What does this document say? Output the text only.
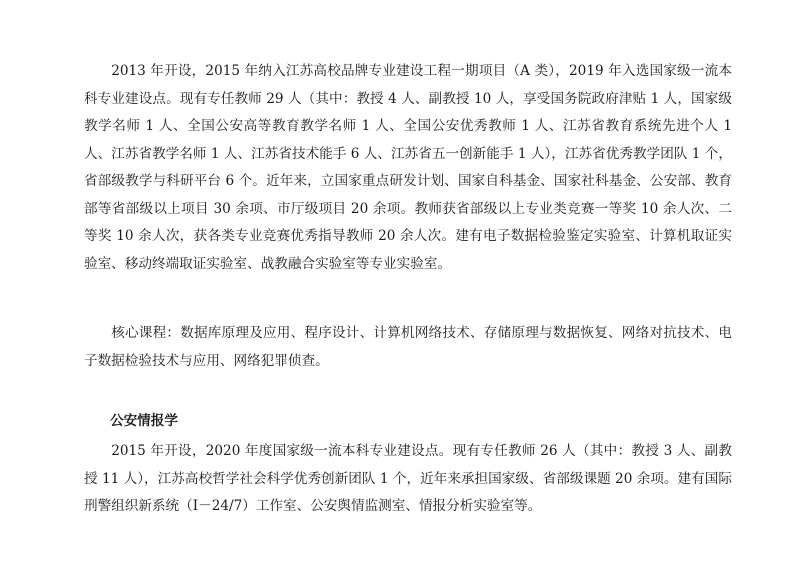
2013 年开设，2015 年纳入江苏高校品牌专业建设工程一期项目（A 类），2019 年入选国家级一流本科专业建设点。现有专任教师 29 人（其中：教授 4 人、副教授 10 人，享受国务院政府津贴 1 人，国家级教学名师 1 人、全国公安高等教育教学名师 1 人、全国公安优秀教师 1 人、江苏省教育系统先进个人 1 人、江苏省教学名师 1 人、江苏省技术能手 6 人、江苏省五一创新能手 1 人），江苏省优秀教学团队 1 个，省部级教学与科研平台 6 个。近年来，立国家重点研发计划、国家自科基金、国家社科基金、公安部、教育部等省部级以上项目 30 余项、市厅级项目 20 余项。教师获省部级以上专业类竞赛一等奖 10 余人次、二等奖 10 余人次，获各类专业竞赛优秀指导教师 20 余人次。建有电子数据检验鉴定实验室、计算机取证实验室、移动终端取证实验室、战教融合实验室等专业实验室。

核心课程：数据库原理及应用、程序设计、计算机网络技术、存储原理与数据恢复、网络对抗技术、电子数据检验技术与应用、网络犯罪侦查。

公安情报学

2015 年开设，2020 年度国家级一流本科专业建设点。现有专任教师 26 人（其中：教授 3 人、副教授 11 人），江苏高校哲学社会科学优秀创新团队 1 个，近年来承担国家级、省部级课题 20 余项。建有国际刑警组织新系统（I－24/7）工作室、公安舆情监测室、情报分析实验室等。
